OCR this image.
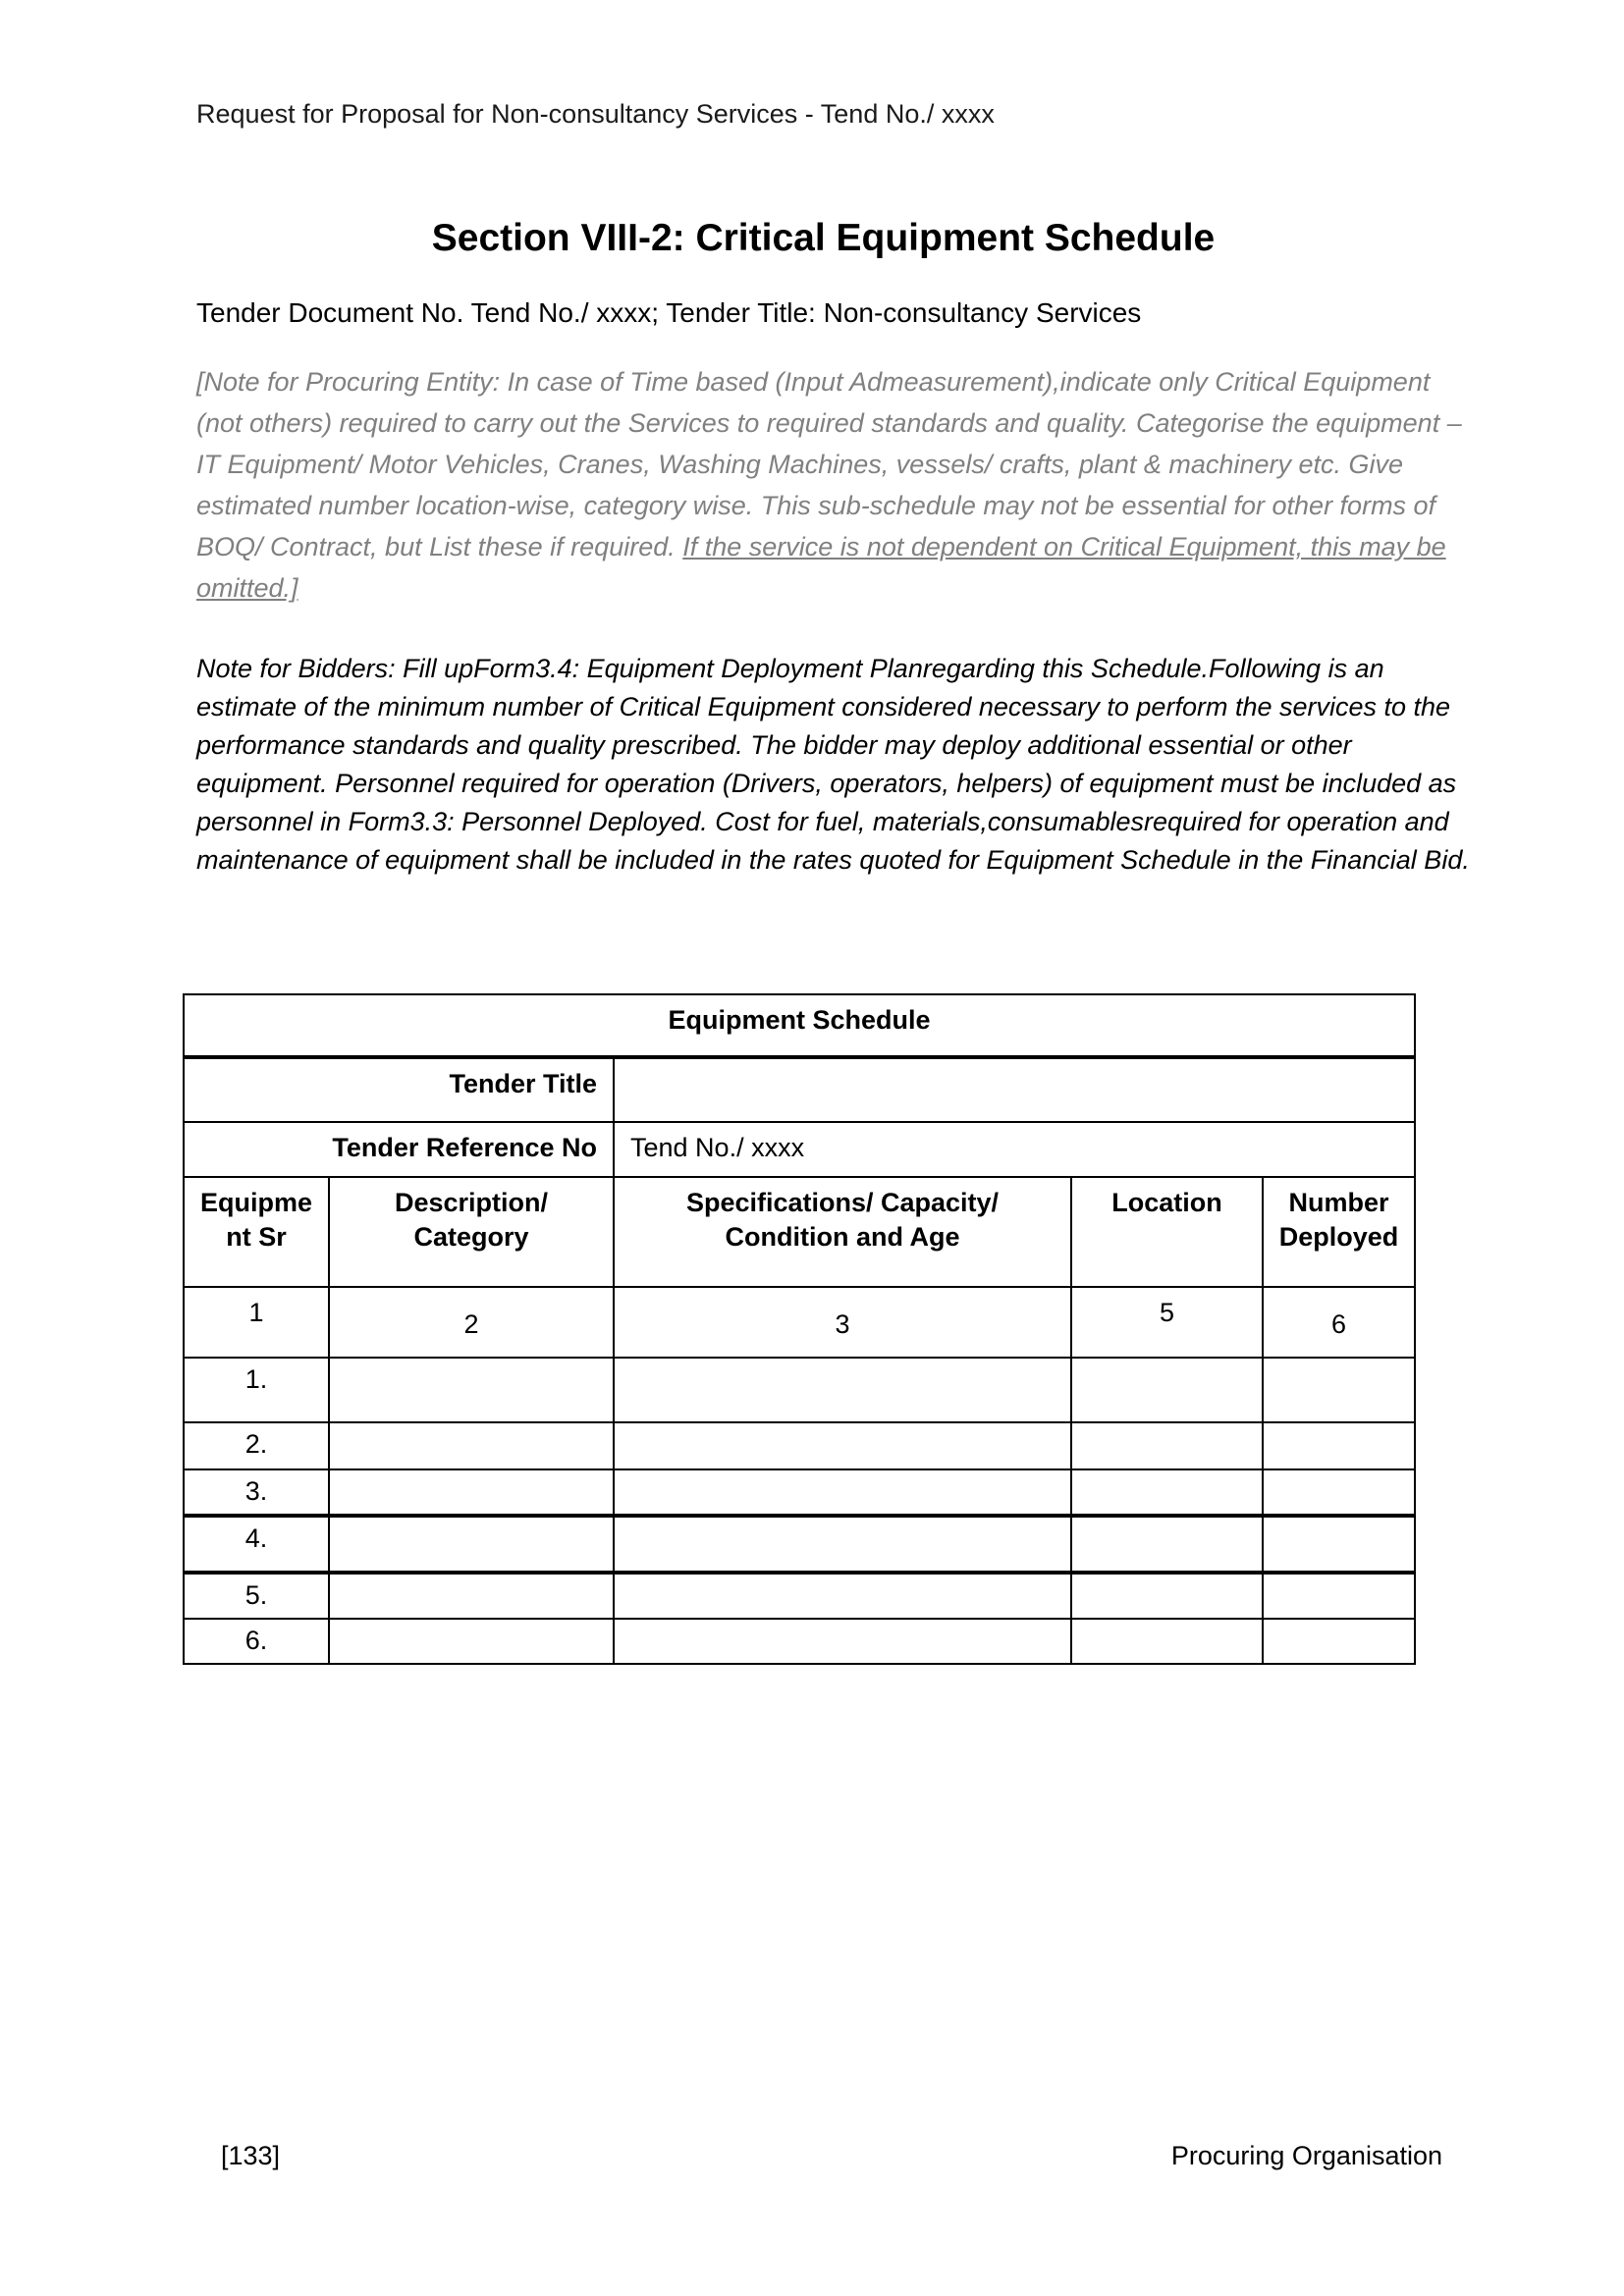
Request for Proposal for Non-consultancy Services - Tend No./ xxxx
Section VIII-2: Critical Equipment Schedule
Tender Document No. Tend No./ xxxx; Tender Title: Non-consultancy Services

[Note for Procuring Entity: In case of Time based (Input Admeasurement),indicate only Critical Equipment (not others) required to carry out the Services to required standards and quality. Categorise the equipment – IT Equipment/ Motor Vehicles, Cranes, Washing Machines, vessels/ crafts, plant & machinery etc. Give estimated number location-wise, category wise. This sub-schedule may not be essential for other forms of BOQ/ Contract, but List these if required. If the service is not dependent on Critical Equipment, this may be omitted.]

Note for Bidders: Fill upForm3.4: Equipment Deployment Planregarding this Schedule.Following is an estimate of the minimum number of Critical Equipment considered necessary to perform the services to the performance standards and quality prescribed. The bidder may deploy additional essential or other equipment. Personnel required for operation (Drivers, operators, helpers) of equipment must be included as personnel in Form3.3: Personnel Deployed. Cost for fuel, materials,consumablesrequired for operation and maintenance of equipment shall be included in the rates quoted for Equipment Schedule in the Financial Bid.

Equipment Schedule				
Tender Title				
Tender Reference No		Tend No./ xxxx		
Equipment Sr	Description/ Category	Specifications/ Capacity/ Condition and Age	Location	Number Deployed
1	2	3	5	6
1.				
2.				
3.				
4.				
5.				
6.				
[133]	Procuring Organisation
